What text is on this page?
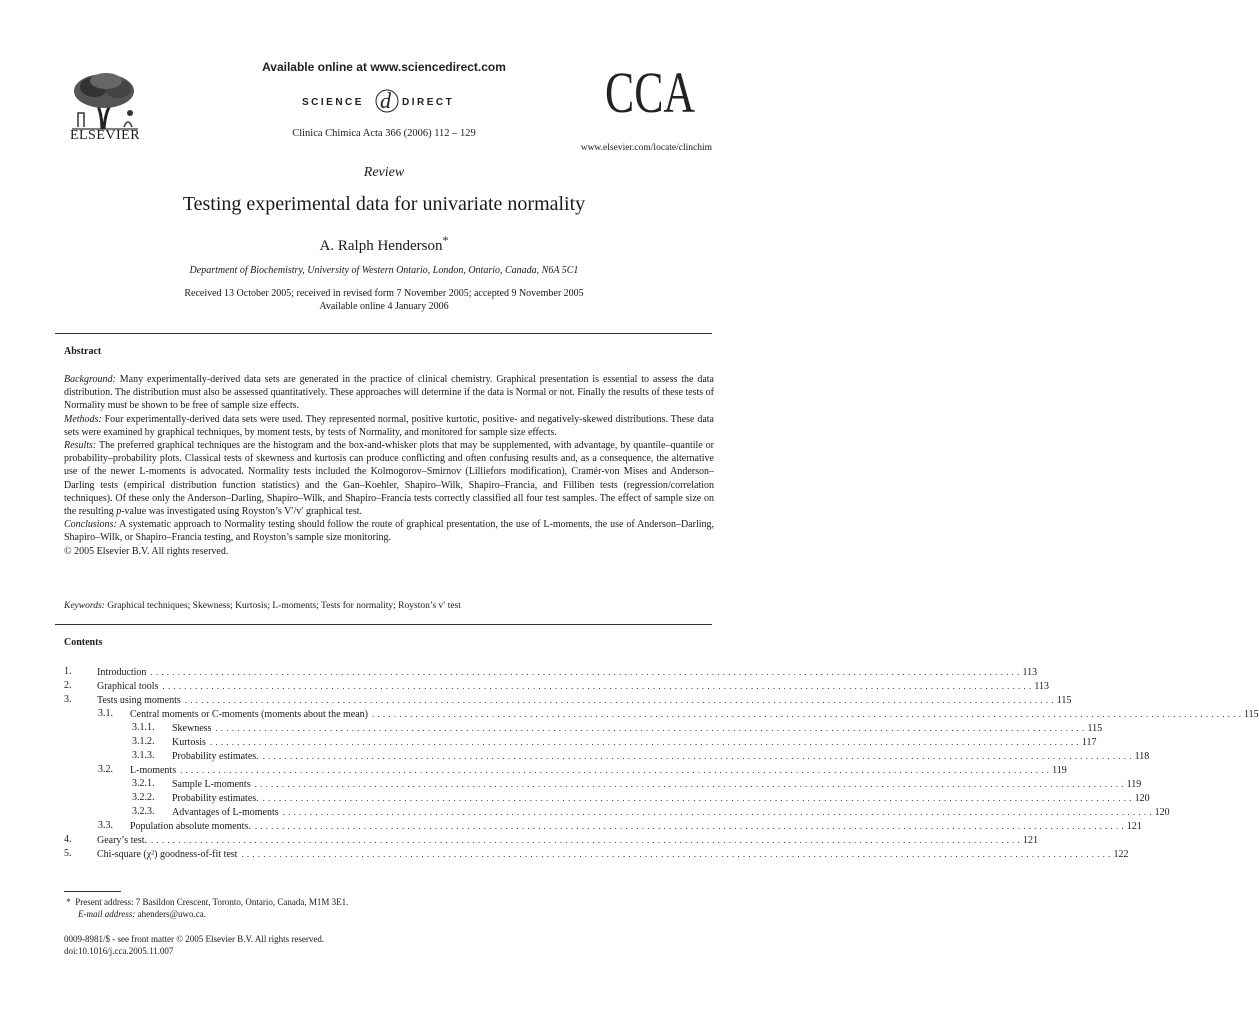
ELSEVIER
Available online at www.sciencedirect.com
SCIENCE d DIRECT
Clinica Chimica Acta 366 (2006) 112 – 129
CCA
www.elsevier.com/locate/clinchim
Review
Testing experimental data for univariate normality
A. Ralph Henderson*
Department of Biochemistry, University of Western Ontario, London, Ontario, Canada, N6A 5C1
Received 13 October 2005; received in revised form 7 November 2005; accepted 9 November 2005
Available online 4 January 2006
Abstract

Background: Many experimentally-derived data sets are generated in the practice of clinical chemistry. Graphical presentation is essential to assess the data distribution. The distribution must also be assessed quantitatively. These approaches will determine if the data is Normal or not. Finally the results of these tests of Normality must be shown to be free of sample size effects.

Methods: Four experimentally-derived data sets were used. They represented normal, positive kurtotic, positive- and negatively-skewed distributions. These data sets were examined by graphical techniques, by moment tests, by tests of Normality, and monitored for sample size effects.

Results: The preferred graphical techniques are the histogram and the box-and-whisker plots that may be supplemented, with advantage, by quantile–quantile or probability–probability plots. Classical tests of skewness and kurtosis can produce conflicting and often confusing results and, as a consequence, the alternative use of the newer L-moments is advocated. Normality tests included the Kolmogorov–Smirnov (Lilliefors modification), Cramér-von Mises and Anderson–Darling tests (empirical distribution function statistics) and the Gan–Koehler, Shapiro–Wilk, Shapiro–Francia, and Filliben tests (regression/correlation techniques). Of these only the Anderson–Darling, Shapiro–Wilk, and Shapiro–Francia tests correctly classified all four test samples. The effect of sample size on the resulting p-value was investigated using Royston’s V′/v′ graphical test.

Conclusions: A systematic approach to Normality testing should follow the route of graphical presentation, the use of L-moments, the use of Anderson–Darling, Shapiro–Wilk, or Shapiro–Francia testing, and Royston’s sample size monitoring.

© 2005 Elsevier B.V. All rights reserved.

Keywords: Graphical techniques; Skewness; Kurtosis; L-moments; Tests for normality; Royston’s v′ test
Contents
1.	Introduction ................................................................................................................................................................ 113
2.	Graphical tools ................................................................................................................................................................ 113
3.	Tests using moments ................................................................................................................................................................ 115
3.1. Central moments or C-moments (moments about the mean) ................................................................................................................................................................ 115
3.1.1. Skewness ................................................................................................................................................................ 115
3.1.2. Kurtosis ................................................................................................................................................................ 117
3.1.3. Probability estimates. ................................................................................................................................................................ 118
3.2. L-moments ................................................................................................................................................................ 119
3.2.1. Sample L-moments ................................................................................................................................................................ 119
3.2.2. Probability estimates. ................................................................................................................................................................ 120
3.2.3. Advantages of L-moments ................................................................................................................................................................ 120
3.3. Population absolute moments. ................................................................................................................................................................ 121
4.	Geary’s test. ................................................................................................................................................................ 121
5.	Chi-square (χ²) goodness-of-fit test ................................................................................................................................................................ 122
* Present address: 7 Basildon Crescent, Toronto, Ontario, Canada, M1M 3E1.
E-mail address: ahenders@uwo.ca.
0009-8981/$ - see front matter © 2005 Elsevier B.V. All rights reserved.
doi:10.1016/j.cca.2005.11.007
